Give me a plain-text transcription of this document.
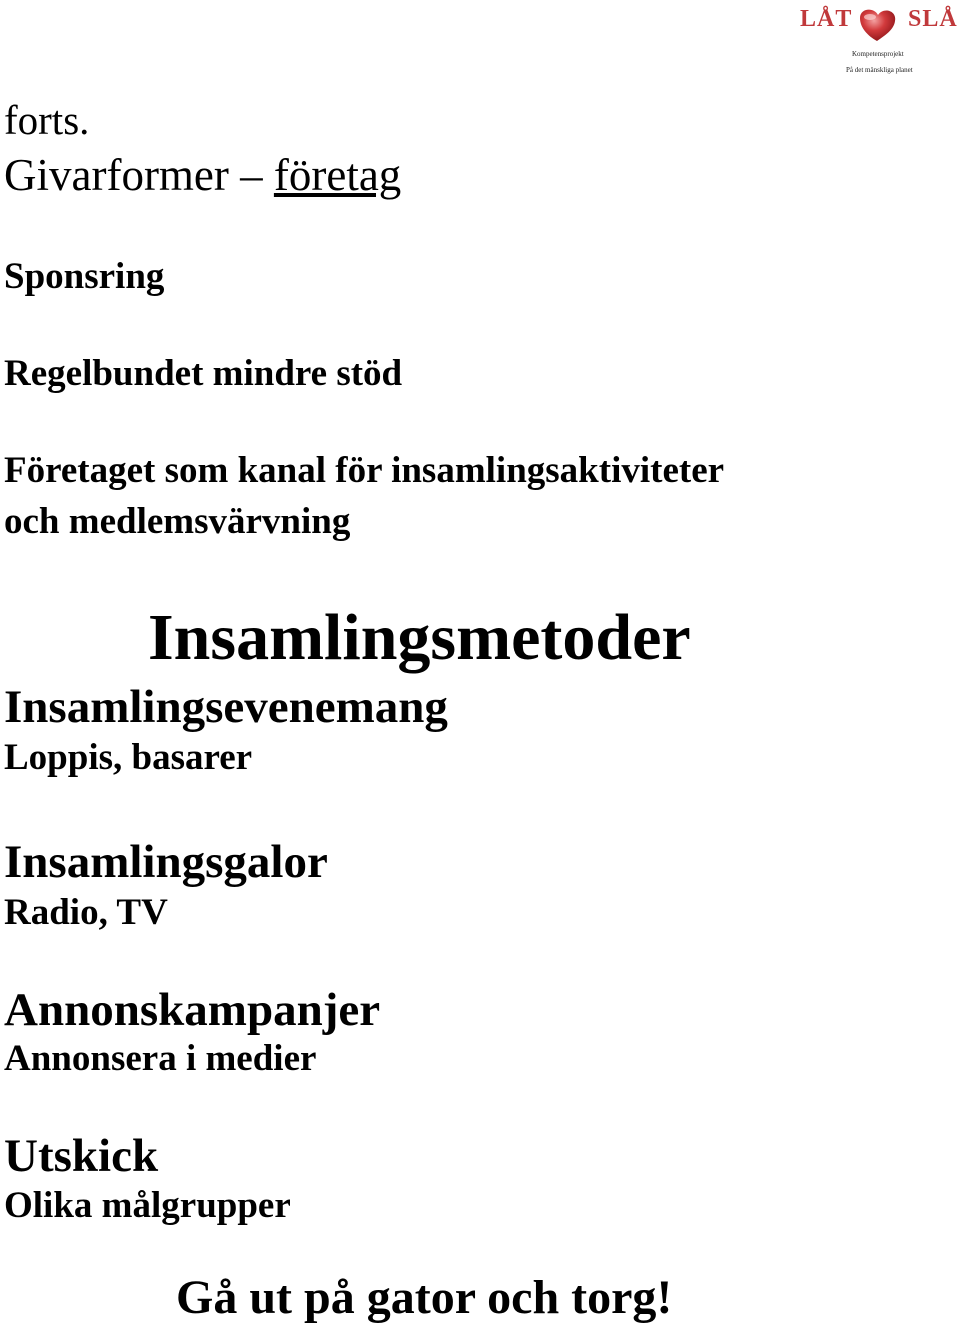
LÅT SLÅ
Kompetensprojekt
På det mänskliga planet
forts.
Givarformer – företag
Sponsring
Regelbundet mindre stöd
Företaget som kanal för insamlingsaktiviteter
och medlemsvärvning
Insamlingsmetoder
Insamlingsevenemang
Loppis, basarer
Insamlingsgalor
Radio, TV
Annonskampanjer
Annonsera i medier
Utskick
Olika målgrupper
Gå ut på gator och torg!
